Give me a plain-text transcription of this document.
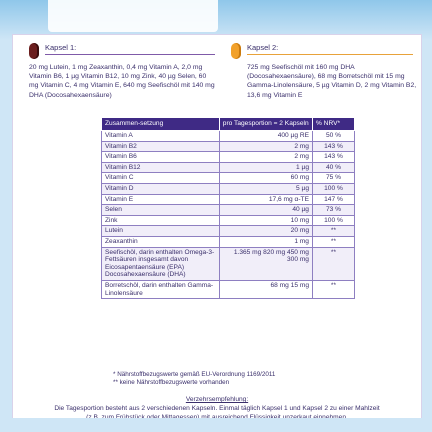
Kapsel 1:
20 mg Lutein, 1 mg Zeaxanthin, 0,4 mg Vitamin A, 2,0 mg Vitamin B6, 1 µg Vitamin B12, 10 mg Zink, 40 µg Selen, 60 mg Vitamin C, 4 mg Vitamin E, 640 mg Seefischöl mit 140 mg DHA (Docosahexaensäure)
Kapsel 2:
725 mg Seefischöl mit 160 mg DHA (Docosahexaensäure), 68 mg Borretschöl mit 15 mg Gamma-Linolensäure, 5 µg Vitamin D, 2 mg Vitamin B2, 13,6 mg Vitamin E
Zusammen-setzung	pro Tagesportion = 2 Kapseln	% NRV*
Vitamin A	400 µg RE	50 %
Vitamin B2	2 mg	143 %
Vitamin B6	2 mg	143 %
Vitamin B12	1 µg	40 %
Vitamin C	60 mg	75 %
Vitamin D	5 µg	100 %
Vitamin E	17,6 mg α-TE	147 %
Selen	40 µg	73 %
Zink	10 mg	100 %
Lutein	20 mg	**
Zeaxanthin	1 mg	**
Seefischöl, darin enthalten Omega-3-Fettsäuren insgesamt davon Eicosapentaensäure (EPA) Docosahexaensäure (DHA)	1.365 mg 820 mg 450 mg 300 mg	**
Borretschöl, darin enthalten Gamma-Linolensäure	68 mg 15 mg	**
* Nährstoffbezugswerte gemäß EU-Verordnung 1169/2011
** keine Nährstoffbezugswerte vorhanden
Verzehrsempfehlung:
Die Tagesportion besteht aus 2 verschiedenen Kapseln. Einmal täglich Kapsel 1 und Kapsel 2 zu einer Mahlzeit
